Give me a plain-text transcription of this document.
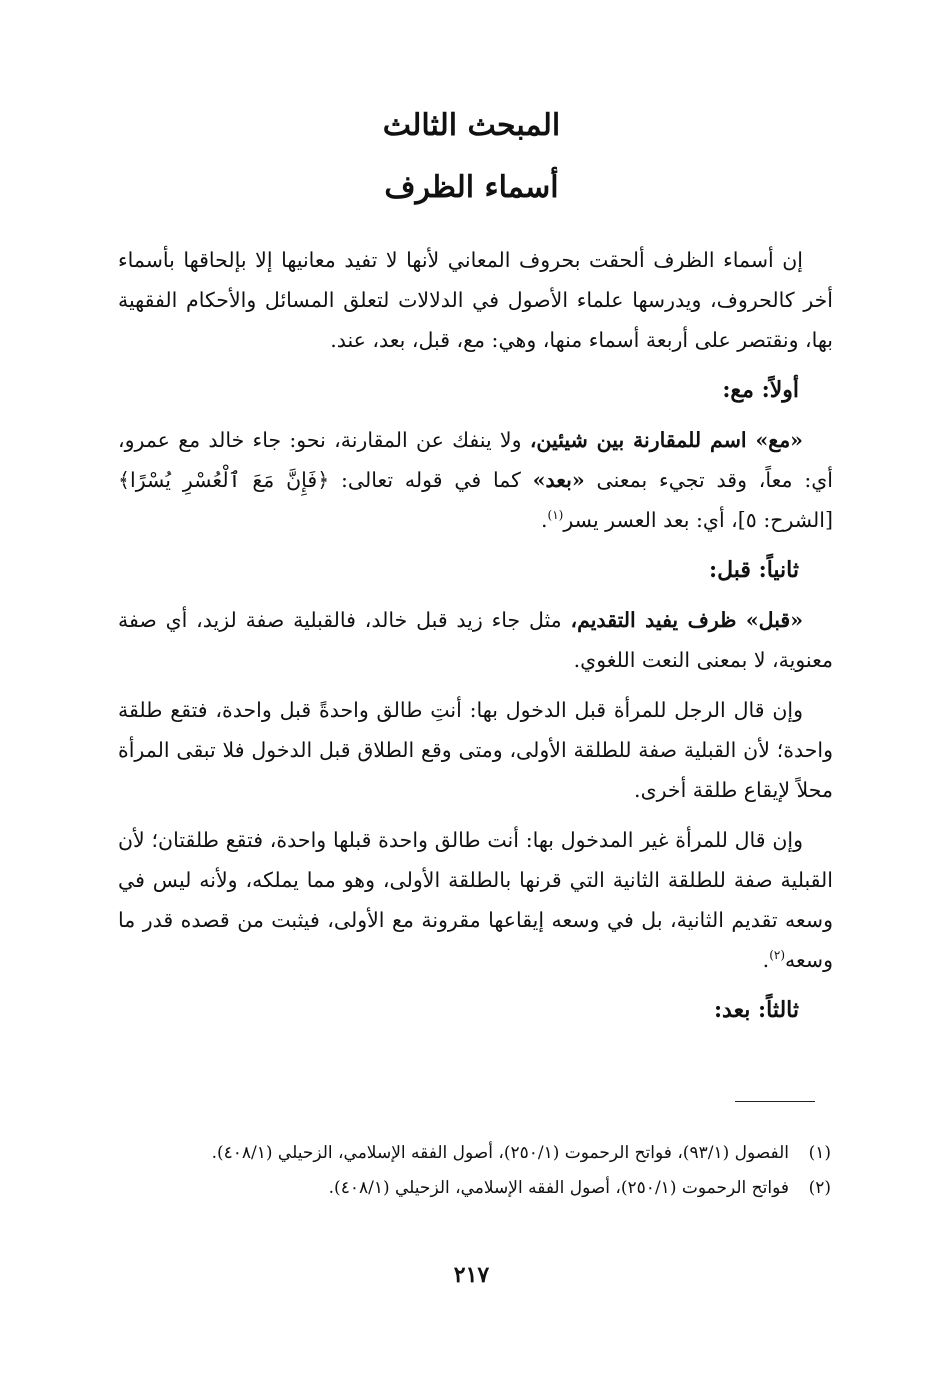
المبحث الثالث
أسماء الظرف

إن أسماء الظرف ألحقت بحروف المعاني لأنها لا تفيد معانيها إلا بإلحاقها بأسماء أخر كالحروف، ويدرسها علماء الأصول في الدلالات لتعلق المسائل والأحكام الفقهية بها، ونقتصر على أربعة أسماء منها، وهي: مع، قبل، بعد، عند.

أولاً: مع:

«مع» اسم للمقارنة بين شيئين، ولا ينفك عن المقارنة، نحو: جاء خالد مع عمرو، أي: معاً، وقد تجيء بمعنى «بعد» كما في قوله تعالى: ﴿فَإِنَّ مَعَ ٱلْعُسْرِ يُسْرًا﴾ [الشرح: ٥]، أي: بعد العسر يسر$^{(١)}$.

ثانياً: قبل:

«قبل» ظرف يفيد التقديم، مثل جاء زيد قبل خالد، فالقبلية صفة لزيد، أي صفة معنوية، لا بمعنى النعت اللغوي.

وإن قال الرجل للمرأة قبل الدخول بها: أنتِ طالق واحدةً قبل واحدة، فتقع طلقة واحدة؛ لأن القبلية صفة للطلقة الأولى، ومتى وقع الطلاق قبل الدخول فلا تبقى المرأة محلاً لإيقاع طلقة أخرى.

وإن قال للمرأة غير المدخول بها: أنت طالق واحدة قبلها واحدة، فتقع طلقتان؛ لأن القبلية صفة للطلقة الثانية التي قرنها بالطلقة الأولى، وهو مما يملكه، ولأنه ليس في وسعه تقديم الثانية، بل في وسعه إيقاعها مقرونة مع الأولى، فيثبت من قصده قدر ما وسعه$^{(٢)}$.

ثالثاً: بعد:
(١)
الفصول (٩٣/١)، فواتح الرحموت (٢٥٠/١)، أصول الفقه الإسلامي، الزحيلي (٤٠٨/١).
(٢)
فواتح الرحموت (٢٥٠/١)، أصول الفقه الإسلامي، الزحيلي (٤٠٨/١).
٢١٧
